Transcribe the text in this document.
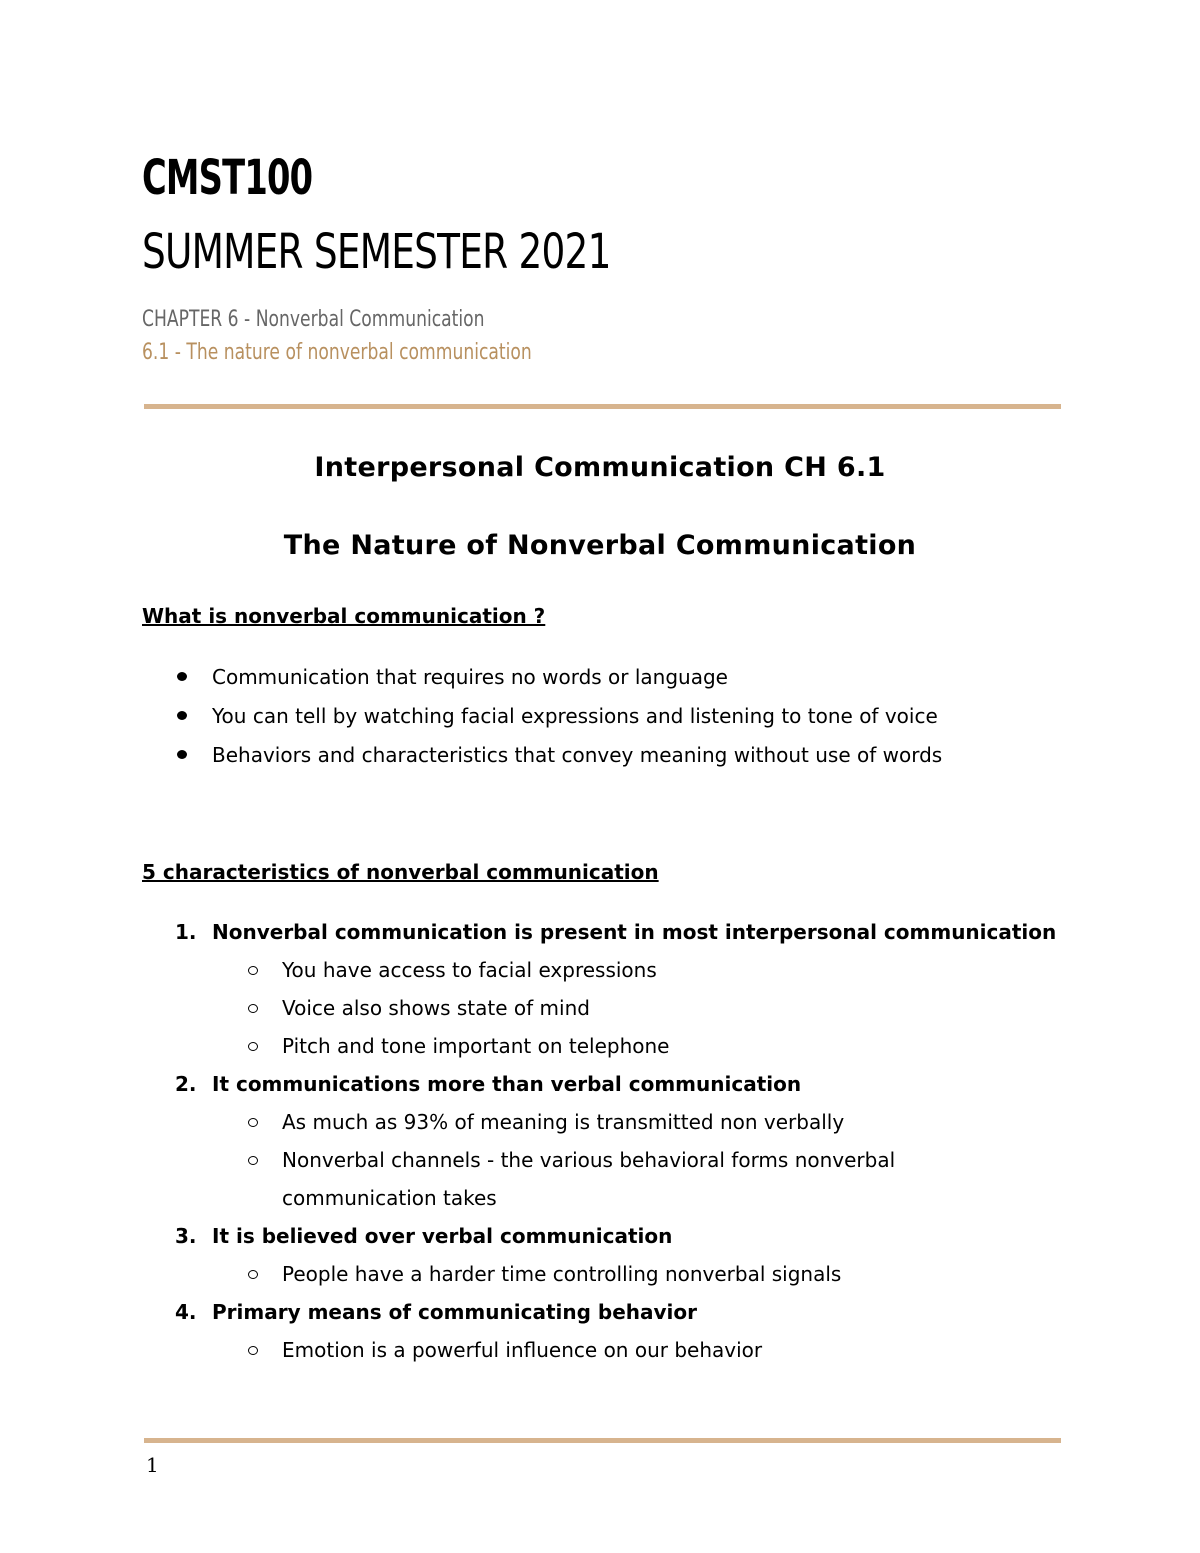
CMST100
SUMMER SEMESTER 2021

CHAPTER 6 - Nonverbal Communication

6.1 - The nature of nonverbal communication

Interpersonal Communication CH 6.1
The Nature of Nonverbal Communication
What is nonverbal communication ?
Communication that requires no words or language
You can tell by watching facial expressions and listening to tone of voice
Behaviors and characteristics that convey meaning without use of words
5 characteristics of nonverbal communication
1. Nonverbal communication is present in most interpersonal communication
You have access to facial expressions
Voice also shows state of mind
Pitch and tone important on telephone
2. It communications more than verbal communication
As much as 93% of meaning is transmitted non verbally
Nonverbal channels - the various behavioral forms nonverbal communication takes
3. It is believed over verbal communication
People have a harder time controlling nonverbal signals
4. Primary means of communicating behavior
Emotion is a powerful influence on our behavior

1
